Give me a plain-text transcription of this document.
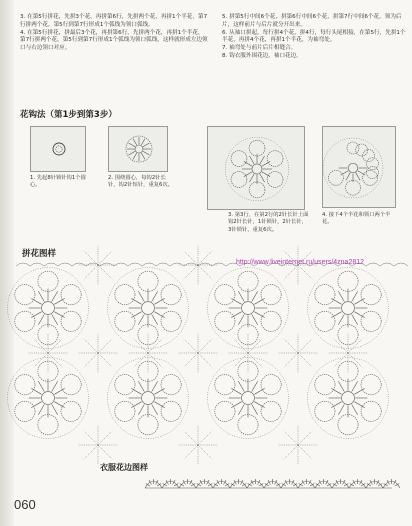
3. 在第5行拼花，先拼3个花，再拼第6行，先拼两个花，再拼1个半花，第7行拼两个花，第5行到第7行形成1个弧线为领口弧线。

4. 在第5行拼花，拼最后3个花，再拼第6行，先拼两个花，再拼1个半花，第7行拼两个花，第5行到第7行形成1个弧线为领口弧线，这样就形成左边领口与右边领口对应。

5. 拼第5行中间6个花，拼第6行中间6个花，拼第7行中间6个花，领为后片，这样前片与后片就分开出来。

6. 从袖口拼起，每行拼4个花，拼4行，每行头尾相接，在第5行，先拼1个半花，再拼4个花，再拼1个半花，为袖弯处。

7. 袖弯处与前片后片相缝合。

8. 钩衣服外围花边，袖口花边。

花钩法（第1步到第3步）
1. 先起8针锁针钩1个圆心。
2. 围绕圆心，每钩2针长针，钩2针短针，重复6次。
3. 第3行，在第2行的2针长针上面钩2针长针，1针锁针，2针长针，3针锁针，重复6次。
4. 接下4个半花和领口两个半花。
拼花图样
http://www.liveinternet.ru/users/4zna2812
衣服花边图样
060
